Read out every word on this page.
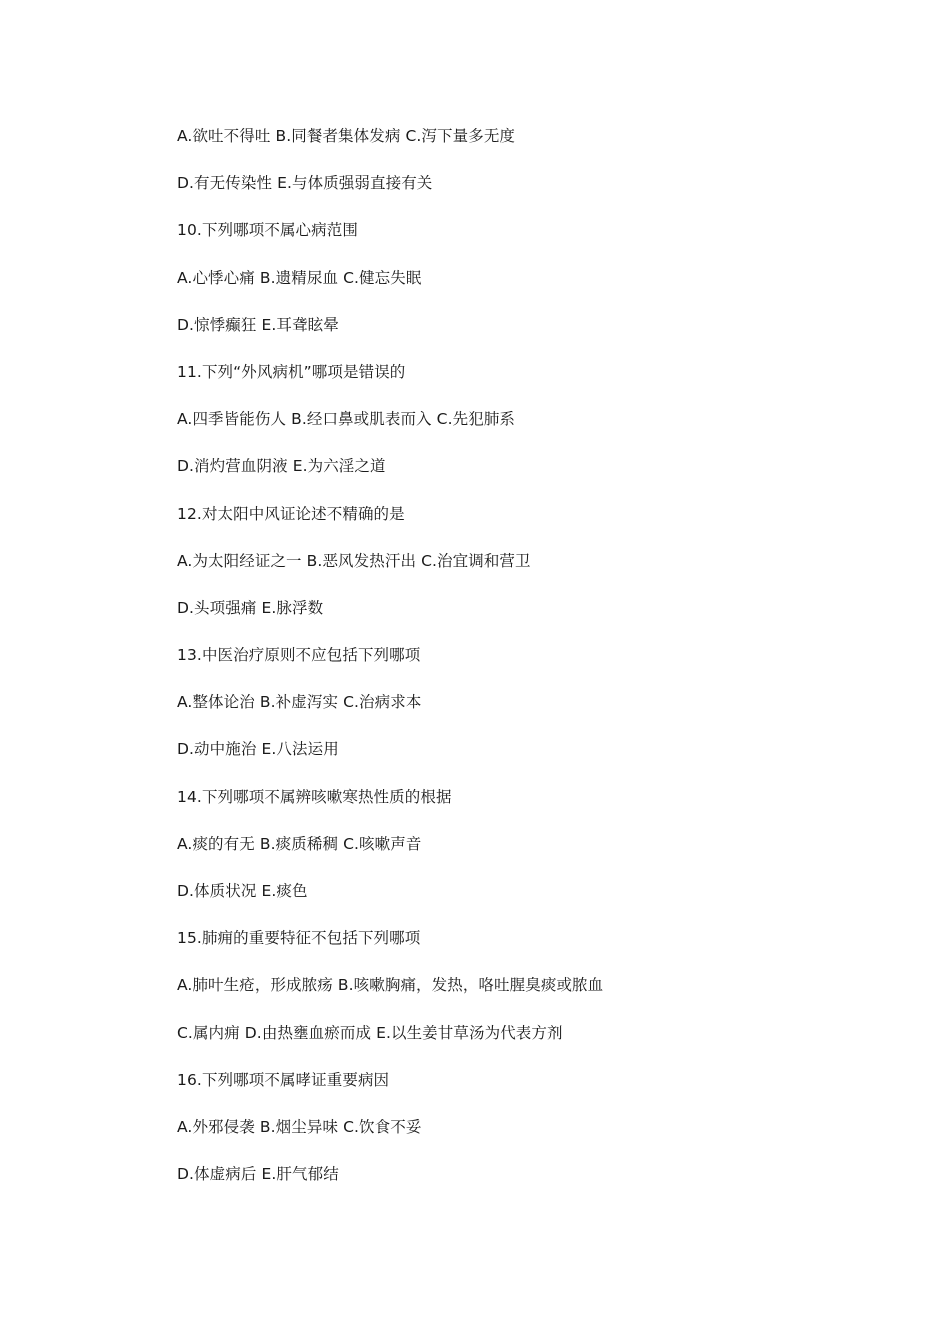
A.欲吐不得吐 B.同餐者集体发病 C.泻下量多无度
D.有无传染性 E.与体质强弱直接有关
10.下列哪项不属心病范围
A.心悸心痛 B.遗精尿血 C.健忘失眠
D.惊悸癫狂 E.耳聋眩晕
11.下列“外风病机”哪项是错误的
A.四季皆能伤人 B.经口鼻或肌表而入 C.先犯肺系
D.消灼营血阴液 E.为六淫之道
12.对太阳中风证论述不精确的是
A.为太阳经证之一 B.恶风发热汗出 C.治宜调和营卫
D.头项强痛 E.脉浮数
13.中医治疗原则不应包括下列哪项
A.整体论治 B.补虚泻实 C.治病求本
D.动中施治 E.八法运用
14.下列哪项不属辨咳嗽寒热性质的根据
A.痰的有无 B.痰质稀稠 C.咳嗽声音
D.体质状况 E.痰色
15.肺痈的重要特征不包括下列哪项
A.肺叶生疮，形成脓疡 B.咳嗽胸痛，发热，咯吐腥臭痰或脓血
C.属内痈 D.由热壅血瘀而成 E.以生姜甘草汤为代表方剂
16.下列哪项不属哮证重要病因
A.外邪侵袭 B.烟尘异味 C.饮食不妥
D.体虚病后 E.肝气郁结
